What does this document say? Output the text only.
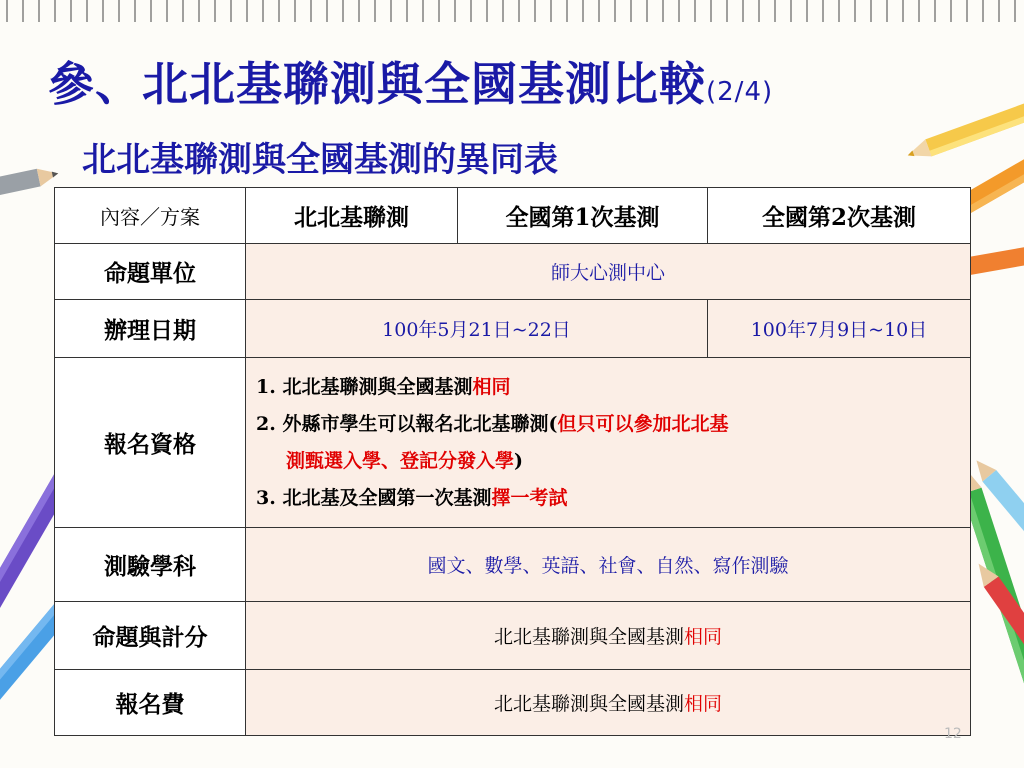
參、北北基聯測與全國基測比較(2/4)
北北基聯測與全國基測的異同表
內容／方案	北北基聯測	全國第1次基測	全國第2次基測
命題單位	師大心測中心		
辦理日期	100年5月21日~22日		100年7月9日~10日
報名資格	1. 北北基聯測與全國基測相同
2. 外縣市學生可以報名北北基聯測(但只可以參加北北基
測甄選入學、登記分發入學)
3. 北北基及全國第一次基測擇一考試		

測驗學科	國文、數學、英語、社會、自然、寫作測驗		
命題與計分	北北基聯測與全國基測相同		
報名費	北北基聯測與全國基測相同		
12
